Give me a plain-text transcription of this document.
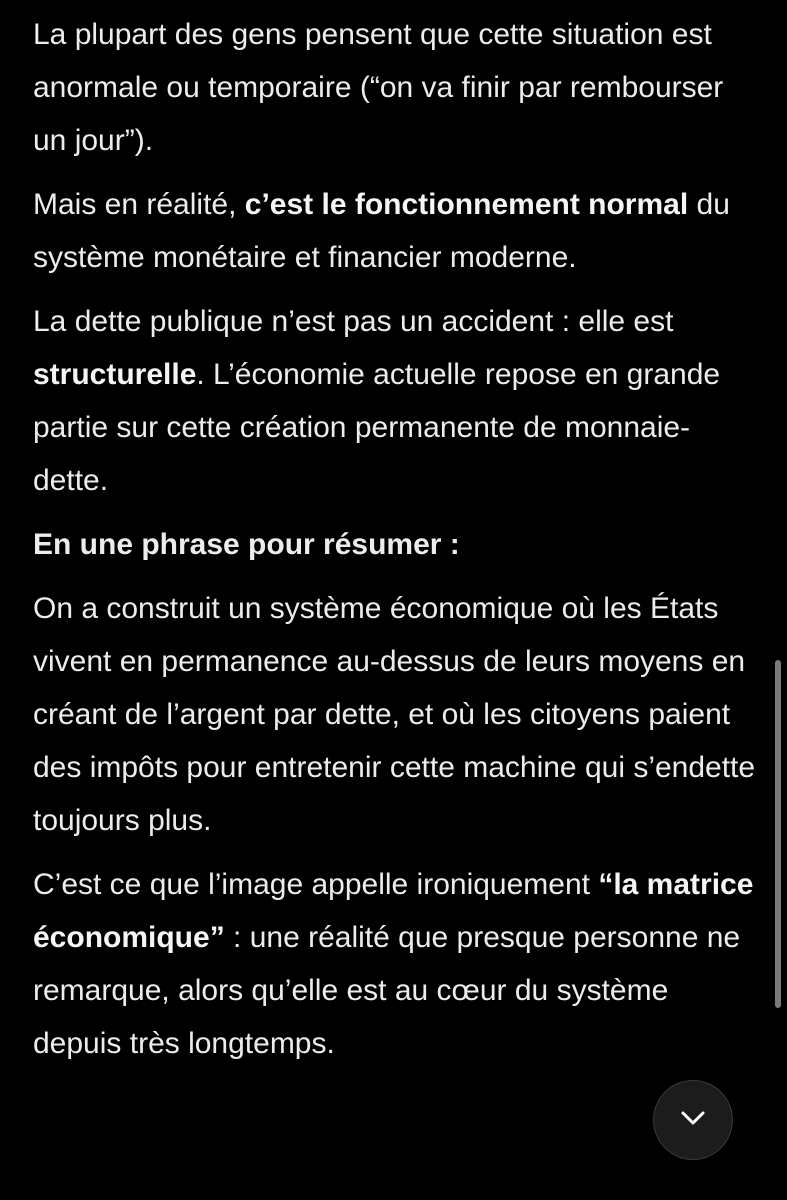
La plupart des gens pensent que cette situation est anormale ou temporaire (“on va finir par rembourser un jour”).

Mais en réalité, c’est le fonctionnement normal du système monétaire et financier moderne.

La dette publique n’est pas un accident : elle est structurelle. L’économie actuelle repose en grande partie sur cette création permanente de monnaie-dette.

En une phrase pour résumer :

On a construit un système économique où les États vivent en permanence au-dessus de leurs moyens en créant de l’argent par dette, et où les citoyens paient des impôts pour entretenir cette machine qui s’endette toujours plus.

C’est ce que l’image appelle ironiquement “la matrice économique” : une réalité que presque personne ne remarque, alors qu’elle est au cœur du système depuis très longtemps.
